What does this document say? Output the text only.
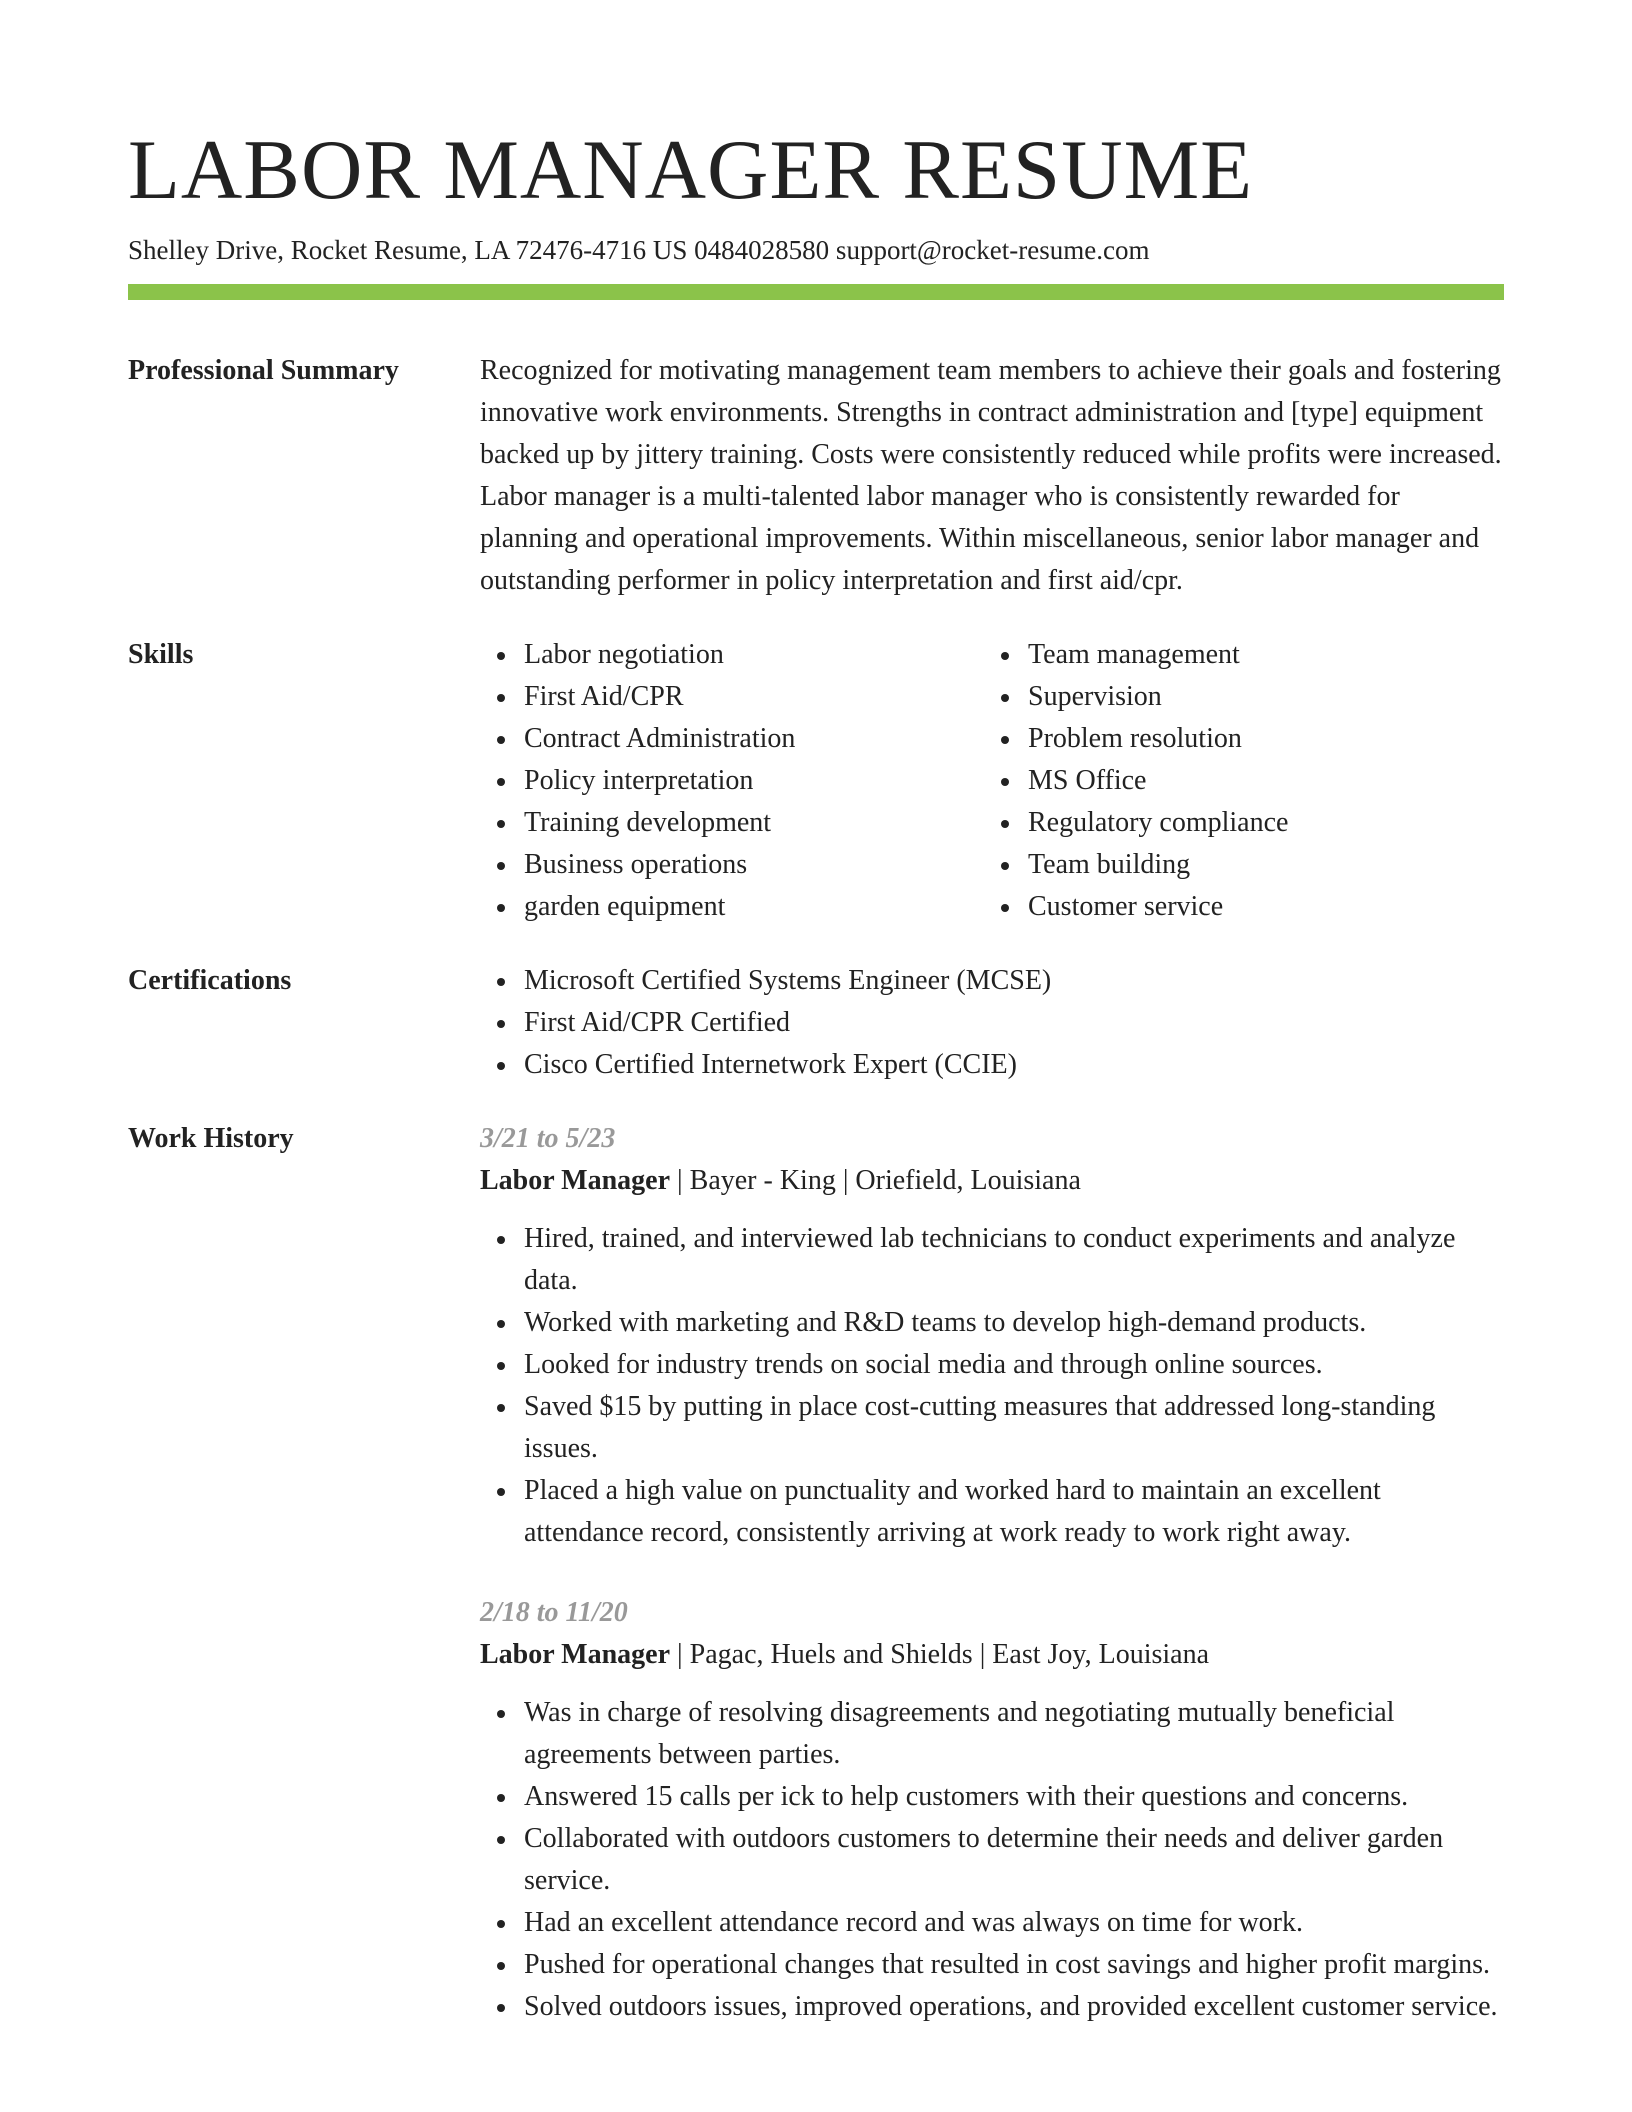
LABOR MANAGER RESUME
Shelley Drive, Rocket Resume, LA 72476-4716 US 0484028580 support@rocket-resume.com
Professional Summary	Recognized for motivating management team members to achieve their goals and fostering innovative work environments. Strengths in contract administration and [type] equipment backed up by jittery training. Costs were consistently reduced while profits were increased. Labor manager is a multi-talented labor manager who is consistently rewarded for planning and operational improvements. Within miscellaneous, senior labor manager and outstanding performer in policy interpretation and first aid/cpr.

Skills	Labor negotiation
First Aid/CPR
Contract Administration
Policy interpretation
Training development
Business operations
garden equipment
Team management
Supervision
Problem resolution
MS Office
Regulatory compliance
Team building
Customer service
Certifications	Microsoft Certified Systems Engineer (MCSE)
First Aid/CPR Certified
Cisco Certified Internetwork Expert (CCIE)
Work History	3/21 to 5/23
Labor Manager | Bayer - King | Oriefield, Louisiana
Hired, trained, and interviewed lab technicians to conduct experiments and analyze data.
Worked with marketing and R&D teams to develop high-demand products.
Looked for industry trends on social media and through online sources.
Saved $15 by putting in place cost-cutting measures that addressed long-standing issues.
Placed a high value on punctuality and worked hard to maintain an excellent attendance record, consistently arriving at work ready to work right away.
2/18 to 11/20
Labor Manager | Pagac, Huels and Shields | East Joy, Louisiana
Was in charge of resolving disagreements and negotiating mutually beneficial agreements between parties.
Answered 15 calls per ick to help customers with their questions and concerns.
Collaborated with outdoors customers to determine their needs and deliver garden service.
Had an excellent attendance record and was always on time for work.
Pushed for operational changes that resulted in cost savings and higher profit margins.
Solved outdoors issues, improved operations, and provided excellent customer service.
